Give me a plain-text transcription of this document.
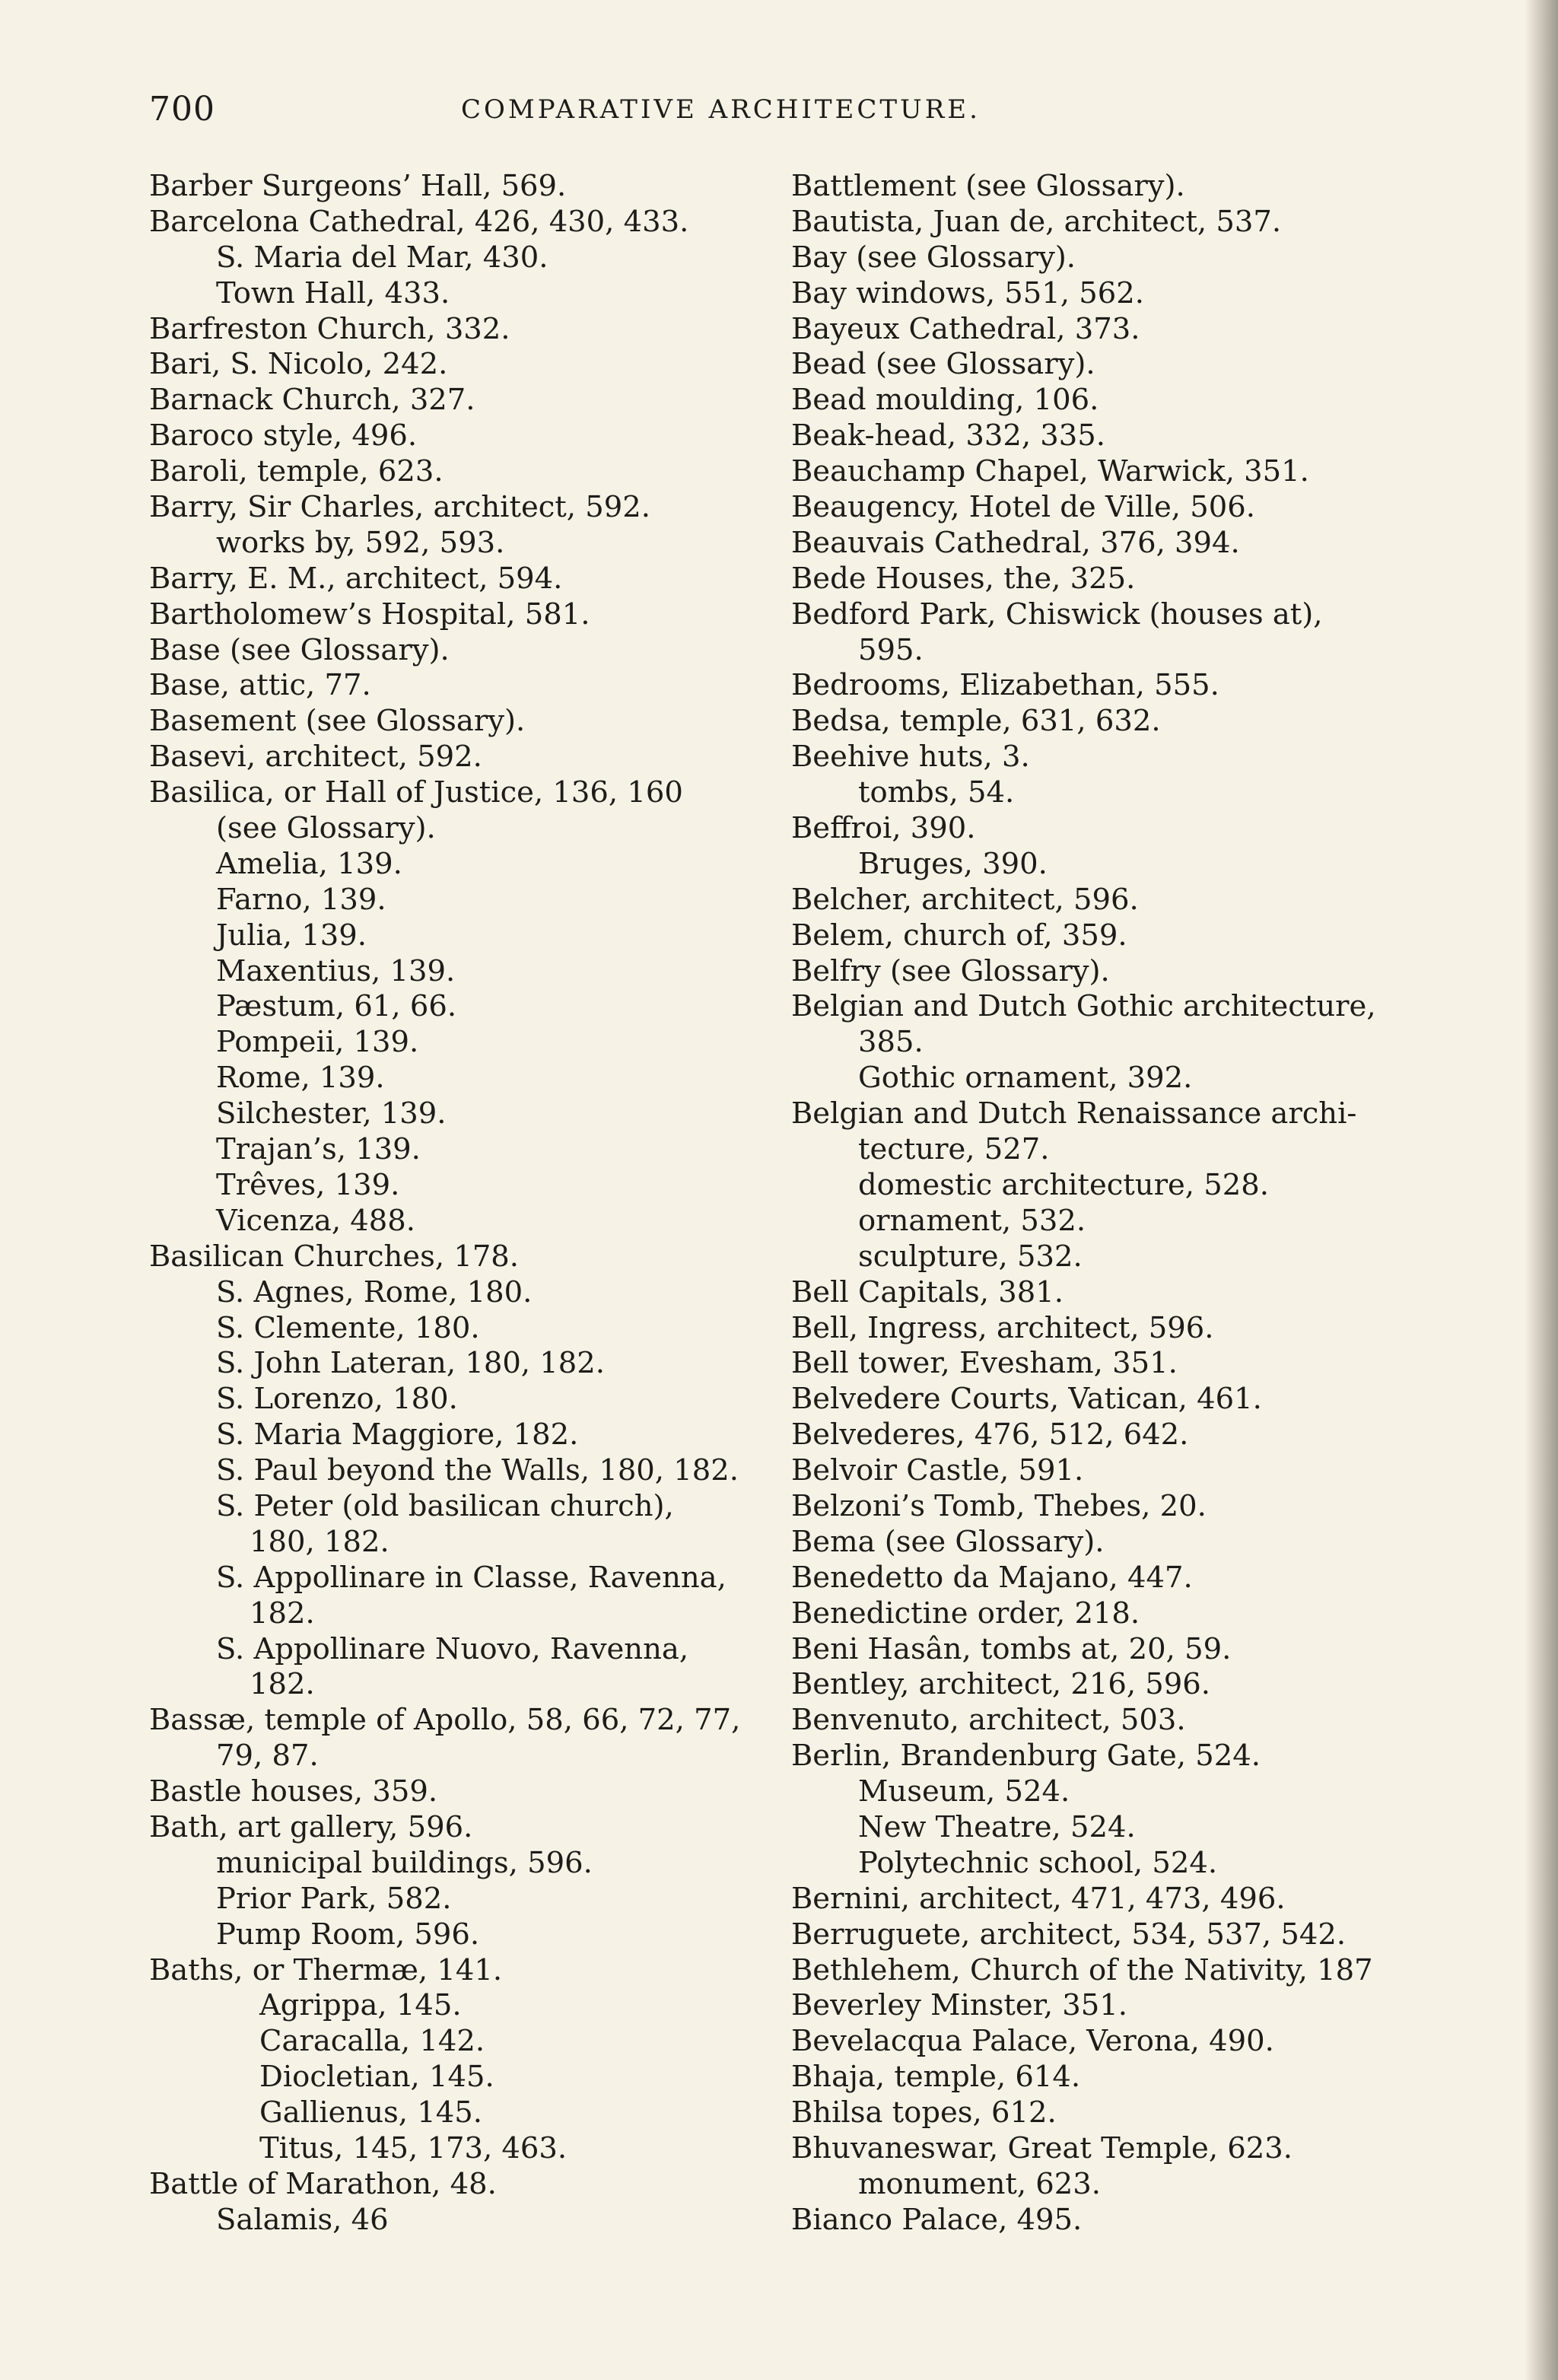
700	COMPARATIVE ARCHITECTURE.
Barber Surgeons’ Hall, 569.
Barcelona Cathedral, 426, 430, 433.
S. Maria del Mar, 430.
Town Hall, 433.
Barfreston Church, 332.
Bari, S. Nicolo, 242.
Barnack Church, 327.
Baroco style, 496.
Baroli, temple, 623.
Barry, Sir Charles, architect, 592.
works by, 592, 593.
Barry, E. M., architect, 594.
Bartholomew’s Hospital, 581.
Base (see Glossary).
Base, attic, 77.
Basement (see Glossary).
Basevi, architect, 592.
Basilica, or Hall of Justice, 136, 160
(see Glossary).
Amelia, 139.
Farno, 139.
Julia, 139.
Maxentius, 139.
Pæstum, 61, 66.
Pompeii, 139.
Rome, 139.
Silchester, 139.
Trajan’s, 139.
Trêves, 139.
Vicenza, 488.
Basilican Churches, 178.
S. Agnes, Rome, 180.
S. Clemente, 180.
S. John Lateran, 180, 182.
S. Lorenzo, 180.
S. Maria Maggiore, 182.
S. Paul beyond the Walls, 180, 182.
S. Peter (old basilican church),
180, 182.
S. Appollinare in Classe, Ravenna,
182.
S. Appollinare Nuovo, Ravenna,
182.
Bassæ, temple of Apollo, 58, 66, 72, 77,
79, 87.
Bastle houses, 359.
Bath, art gallery, 596.
municipal buildings, 596.
Prior Park, 582.
Pump Room, 596.
Baths, or Thermæ, 141.
Agrippa, 145.
Caracalla, 142.
Diocletian, 145.
Gallienus, 145.
Titus, 145, 173, 463.
Battle of Marathon, 48.
Salamis, 46
Battlement (see Glossary).
Bautista, Juan de, architect, 537.
Bay (see Glossary).
Bay windows, 551, 562.
Bayeux Cathedral, 373.
Bead (see Glossary).
Bead moulding, 106.
Beak-head, 332, 335.
Beauchamp Chapel, Warwick, 351.
Beaugency, Hotel de Ville, 506.
Beauvais Cathedral, 376, 394.
Bede Houses, the, 325.
Bedford Park, Chiswick (houses at),
595.
Bedrooms, Elizabethan, 555.
Bedsa, temple, 631, 632.
Beehive huts, 3.
tombs, 54.
Beffroi, 390.
Bruges, 390.
Belcher, architect, 596.
Belem, church of, 359.
Belfry (see Glossary).
Belgian and Dutch Gothic architecture,
385.
Gothic ornament, 392.
Belgian and Dutch Renaissance archi-
tecture, 527.
domestic architecture, 528.
ornament, 532.
sculpture, 532.
Bell Capitals, 381.
Bell, Ingress, architect, 596.
Bell tower, Evesham, 351.
Belvedere Courts, Vatican, 461.
Belvederes, 476, 512, 642.
Belvoir Castle, 591.
Belzoni’s Tomb, Thebes, 20.
Bema (see Glossary).
Benedetto da Majano, 447.
Benedictine order, 218.
Beni Hasân, tombs at, 20, 59.
Bentley, architect, 216, 596.
Benvenuto, architect, 503.
Berlin, Brandenburg Gate, 524.
Museum, 524.
New Theatre, 524.
Polytechnic school, 524.
Bernini, architect, 471, 473, 496.
Berruguete, architect, 534, 537, 542.
Bethlehem, Church of the Nativity, 187
Beverley Minster, 351.
Bevelacqua Palace, Verona, 490.
Bhaja, temple, 614.
Bhilsa topes, 612.
Bhuvaneswar, Great Temple, 623.
monument, 623.
Bianco Palace, 495.
